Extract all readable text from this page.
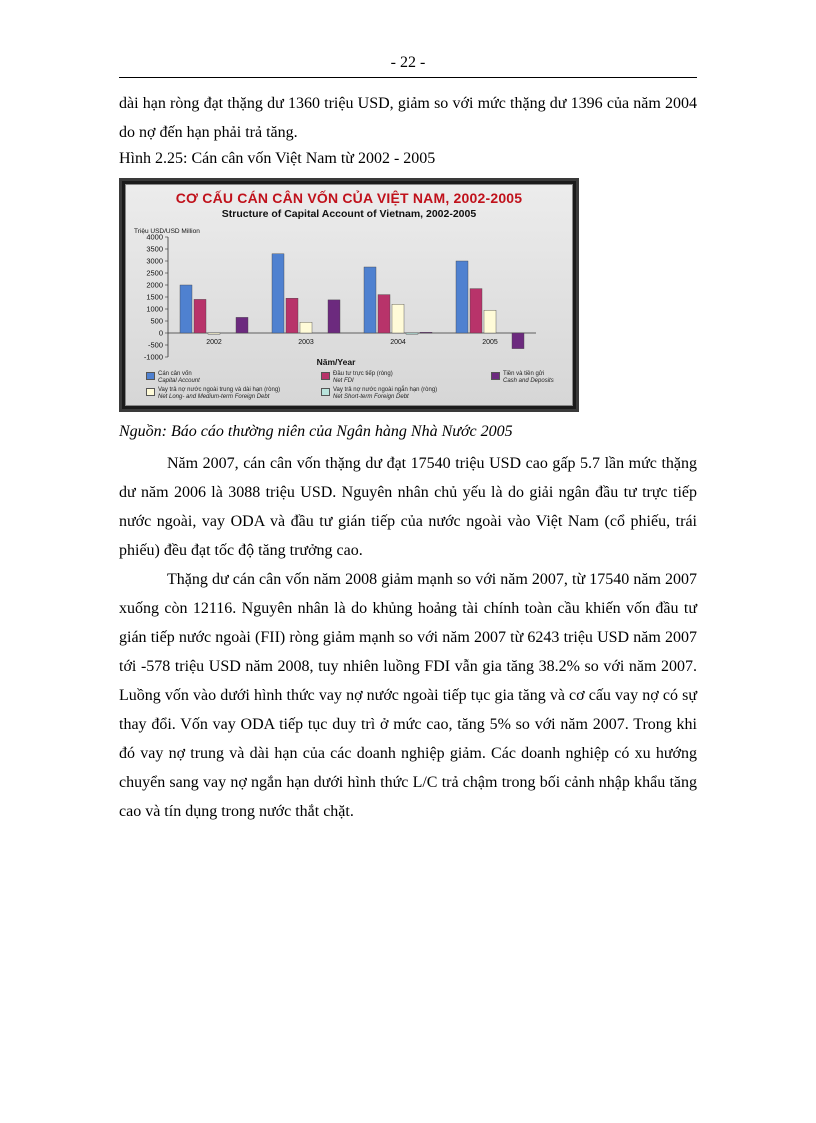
- 22 -

dài hạn ròng đạt thặng dư 1360 triệu USD, giảm so với mức thặng dư 1396 của năm 2004 do nợ đến hạn phải trả tăng.

Hình 2.25: Cán cân vốn Việt Nam từ 2002 - 2005
CƠ CẤU CÁN CÂN VỐN CỦA VIỆT NAM, 2002-2005
Structure of Capital Account of Vietnam, 2002-2005
Triệu USD/USD Million
Năm/Year
4000
3500
3000
2500
2000
1500
1000
500
0
-500
-1000
2002	2003	2004	2005
Cán cân vốn
Capital Account
Đầu tư trực tiếp (ròng)
Net FDI
Tiền và tiền gửi
Cash and Deposits
Vay trả nợ nước ngoài trung và dài hạn (ròng)
Net Long- and Medium-term Foreign Debt
Vay trả nợ nước ngoài ngắn hạn (ròng)
Net Short-term Foreign Debt
Nguồn: Báo cáo thường niên của Ngân hàng Nhà Nước 2005

Năm 2007, cán cân vốn thặng dư đạt 17540 triệu USD cao gấp 5.7 lần mức thặng dư năm 2006 là 3088 triệu USD. Nguyên nhân chủ yếu là do giải ngân đầu tư trực tiếp nước ngoài, vay ODA và đầu tư gián tiếp của nước ngoài vào Việt Nam (cổ phiếu, trái phiếu) đều đạt tốc độ tăng trưởng cao.

Thặng dư cán cân vốn năm 2008 giảm mạnh so với năm 2007, từ 17540 năm 2007 xuống còn 12116. Nguyên nhân là do khủng hoảng tài chính toàn cầu khiến vốn đầu tư gián tiếp nước ngoài (FII) ròng giảm mạnh so với năm 2007 từ 6243 triệu USD năm 2007 tới -578 triệu USD năm 2008, tuy nhiên luồng FDI vẫn gia tăng 38.2% so với năm 2007. Luồng vốn vào dưới hình thức vay nợ nước ngoài tiếp tục gia tăng và cơ cấu vay nợ có sự thay đổi. Vốn vay ODA tiếp tục duy trì ở mức cao, tăng 5% so với năm 2007. Trong khi đó vay nợ trung và dài hạn của các doanh nghiệp giảm. Các doanh nghiệp có xu hướng chuyển sang vay nợ ngắn hạn dưới hình thức L/C trả chậm trong bối cảnh nhập khẩu tăng cao và tín dụng trong nước thắt chặt.
